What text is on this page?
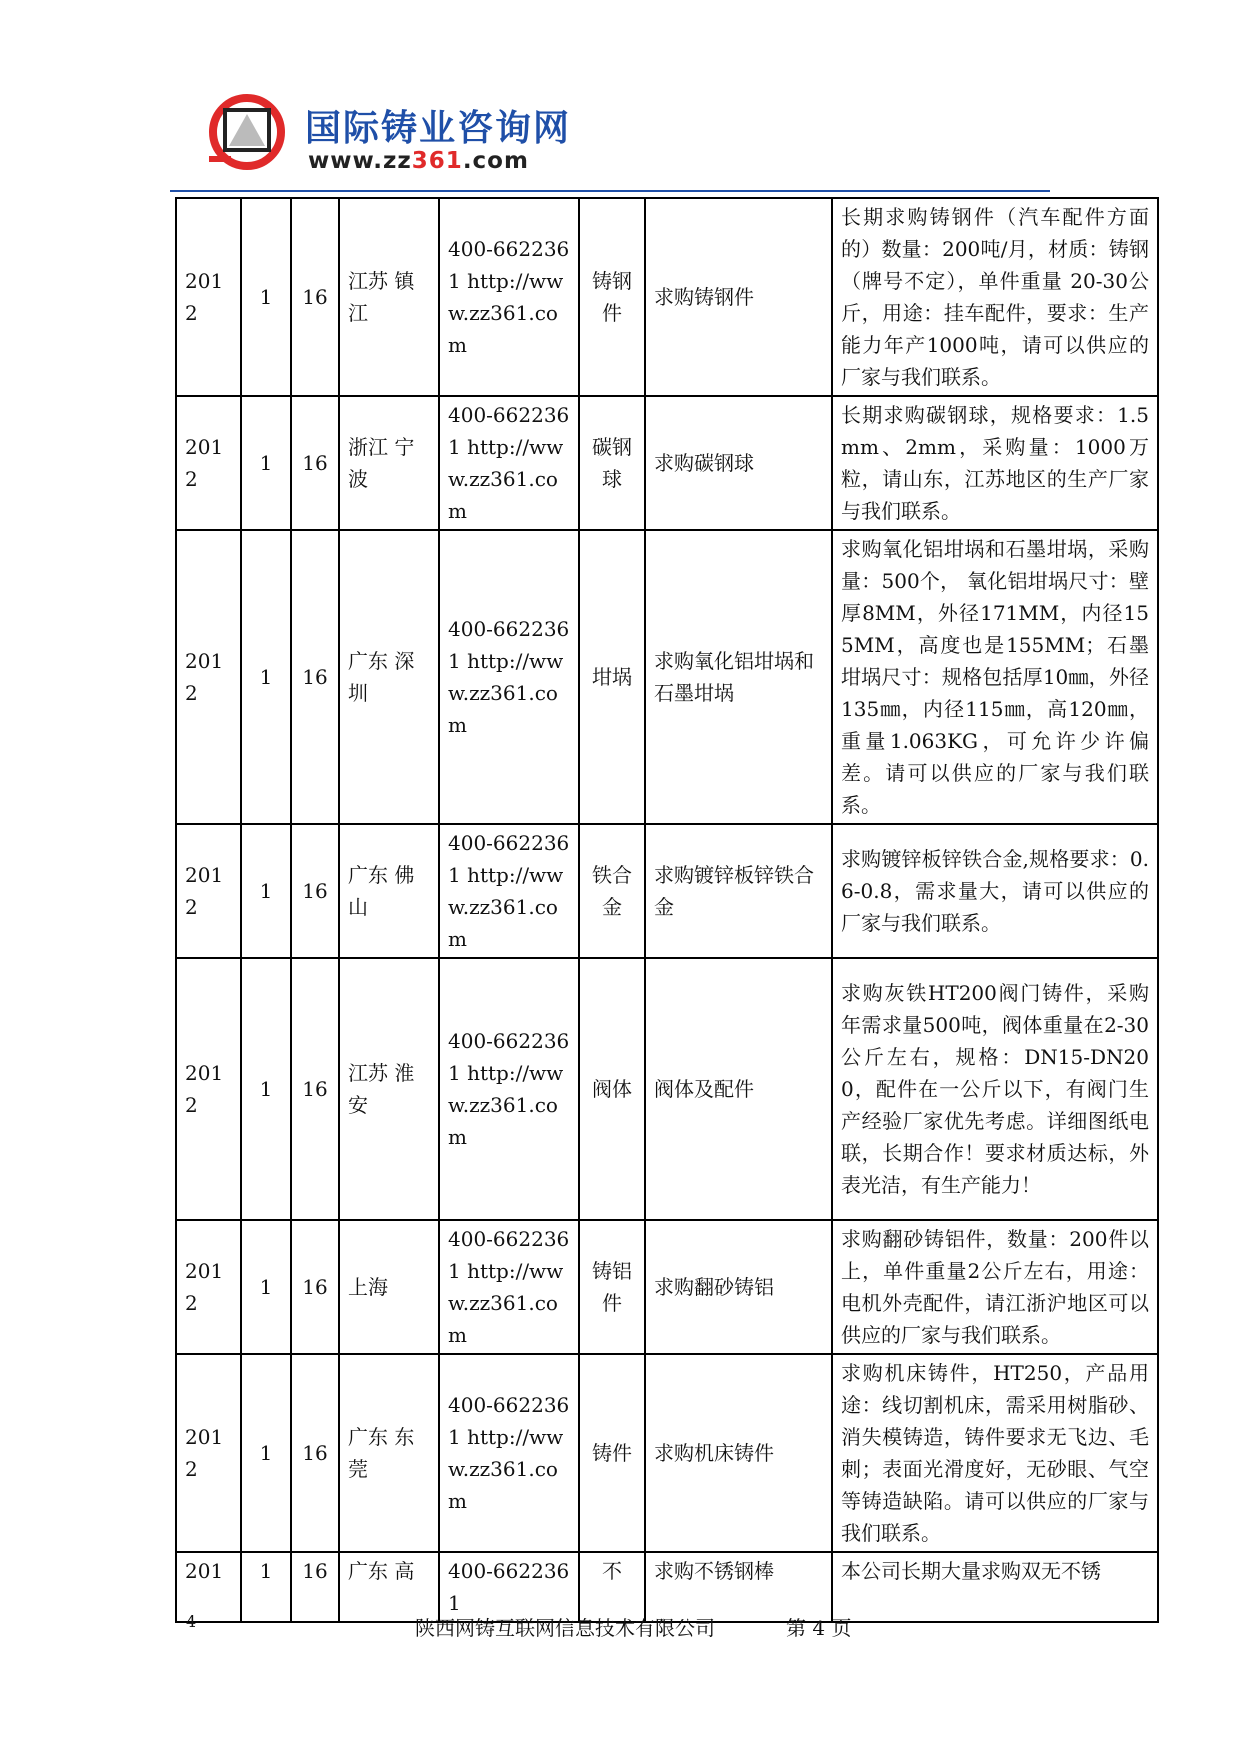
国际铸业咨询网
www.zz361.com
2012	1	16	江苏 镇江	400-6622361 http://www.zz361.com	铸钢件	求购铸钢件	长期求购铸钢件（汽车配件方面的）数量：200吨/月，材质：铸钢（牌号不定），单件重量 20-30公斤，用途：挂车配件，要求：生产能力年产1000吨，请可以供应的厂家与我们联系。
2012	1	16	浙江 宁波	400-6622361 http://www.zz361.com	碳钢球	求购碳钢球	长期求购碳钢球，规格要求：1.5mm、2mm，采购量：1000万粒，请山东，江苏地区的生产厂家与我们联系。
2012	1	16	广东 深圳	400-6622361 http://www.zz361.com	坩埚	求购氧化铝坩埚和石墨坩埚	求购氧化铝坩埚和石墨坩埚，采购量：500个， 氧化铝坩埚尺寸：壁厚8MM，外径171MM，内径155MM，高度也是155MM；石墨坩埚尺寸：规格包括厚10㎜，外径135㎜，内径115㎜，高120㎜，重量1.063KG，可允许少许偏差。请可以供应的厂家与我们联系。
2012	1	16	广东 佛山	400-6622361 http://www.zz361.com	铁合金	求购镀锌板锌铁合金	求购镀锌板锌铁合金,规格要求：0.6-0.8，需求量大，请可以供应的厂家与我们联系。
2012	1	16	江苏 淮安	400-6622361 http://www.zz361.com	阀体	阀体及配件	求购灰铁HT200阀门铸件，采购年需求量500吨，阀体重量在2-30 公斤左右，规格：DN15-DN200，配件在一公斤以下，有阀门生产经验厂家优先考虑。详细图纸电联，长期合作！要求材质达标，外表光洁，有生产能力！
2012	1	16	上海	400-6622361 http://www.zz361.com	铸铝件	求购翻砂铸铝	求购翻砂铸铝件，数量：200件以上，单件重量2公斤左右，用途：电机外壳配件，请江浙沪地区可以供应的厂家与我们联系。
2012	1	16	广东 东莞	400-6622361 http://www.zz361.com	铸件	求购机床铸件	求购机床铸件，HT250，产品用途：线切割机床，需采用树脂砂、消失模铸造，铸件要求无飞边、毛刺；表面光滑度好，无砂眼、气空等铸造缺陷。请可以供应的厂家与我们联系。
201	1	16	广东 高	400-6622361	不	求购不锈钢棒	本公司长期大量求购双无不锈
4	陕西网铸互联网信息技术有限公司	第 4 页
